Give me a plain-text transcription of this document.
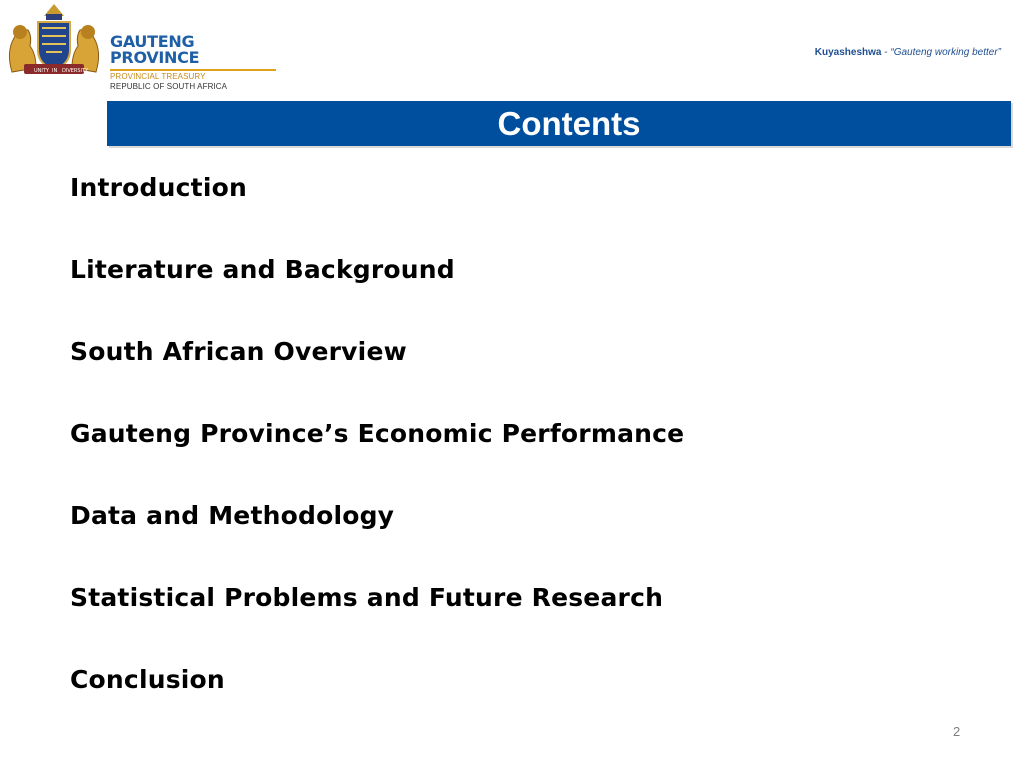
UNITY IN DIVERSITY
GAUTENG PROVINCE
PROVINCIAL TREASURY
REPUBLIC OF SOUTH AFRICA
Kuyasheshwa - “Gauteng working better”
Contents
Introduction
Literature and Background
South African Overview
Gauteng Province’s Economic Performance
Data and Methodology
Statistical Problems and Future Research
Conclusion
2
